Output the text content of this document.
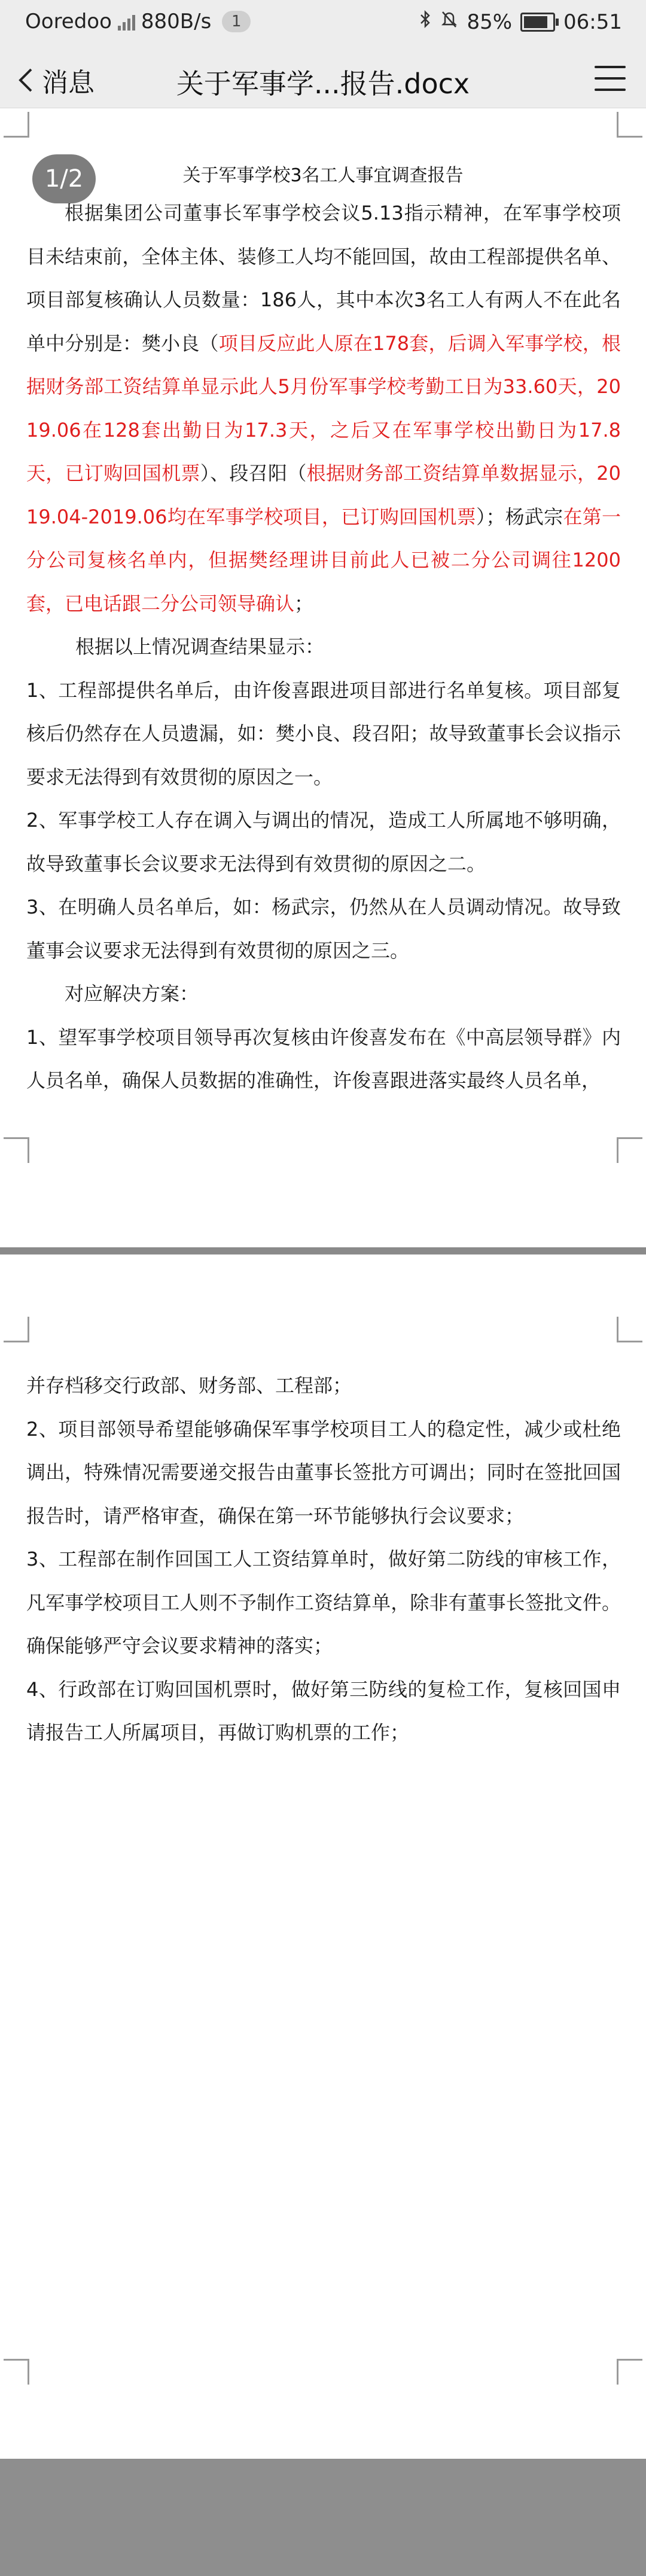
Ooredoo 880B/s	1	85%	06:51
消息	关于军事学...报告.docx
1/2	关于军事学校3名工人事宜调查报告

根据集团公司董事长军事学校会议5.13指示精神，在军事学校项目未结束前，全体主体、装修工人均不能回国，故由工程部提供名单、项目部复核确认人员数量：186人，其中本次3名工人有两人不在此名单中分别是：樊小良（项目反应此人原在178套，后调入军事学校，根据财务部工资结算单显示此人5月份军事学校考勤工日为33.60天，2019.06在128套出勤日为17.3天，之后又在军事学校出勤日为17.8天，已订购回国机票）、段召阳（根据财务部工资结算单数据显示，2019.04-2019.06均在军事学校项目，已订购回国机票）；杨武宗在第一分公司复核名单内，但据樊经理讲目前此人已被二分公司调往1200套，已电话跟二分公司领导确认；

根据以上情况调查结果显示：

1、工程部提供名单后，由许俊喜跟进项目部进行名单复核。项目部复核后仍然存在人员遗漏，如：樊小良、段召阳；故导致董事长会议指示要求无法得到有效贯彻的原因之一。

2、军事学校工人存在调入与调出的情况，造成工人所属地不够明确，故导致董事长会议要求无法得到有效贯彻的原因之二。

3、在明确人员名单后，如：杨武宗，仍然从在人员调动情况。故导致董事会议要求无法得到有效贯彻的原因之三。

对应解决方案：

1、望军事学校项目领导再次复核由许俊喜发布在《中高层领导群》内人员名单，确保人员数据的准确性，许俊喜跟进落实最终人员名单，

并存档移交行政部、财务部、工程部；

2、项目部领导希望能够确保军事学校项目工人的稳定性，减少或杜绝调出，特殊情况需要递交报告由董事长签批方可调出；同时在签批回国报告时，请严格审查，确保在第一环节能够执行会议要求；

3、工程部在制作回国工人工资结算单时，做好第二防线的审核工作，凡军事学校项目工人则不予制作工资结算单，除非有董事长签批文件。确保能够严守会议要求精神的落实；

4、行政部在订购回国机票时，做好第三防线的复检工作，复核回国申请报告工人所属项目，再做订购机票的工作；
